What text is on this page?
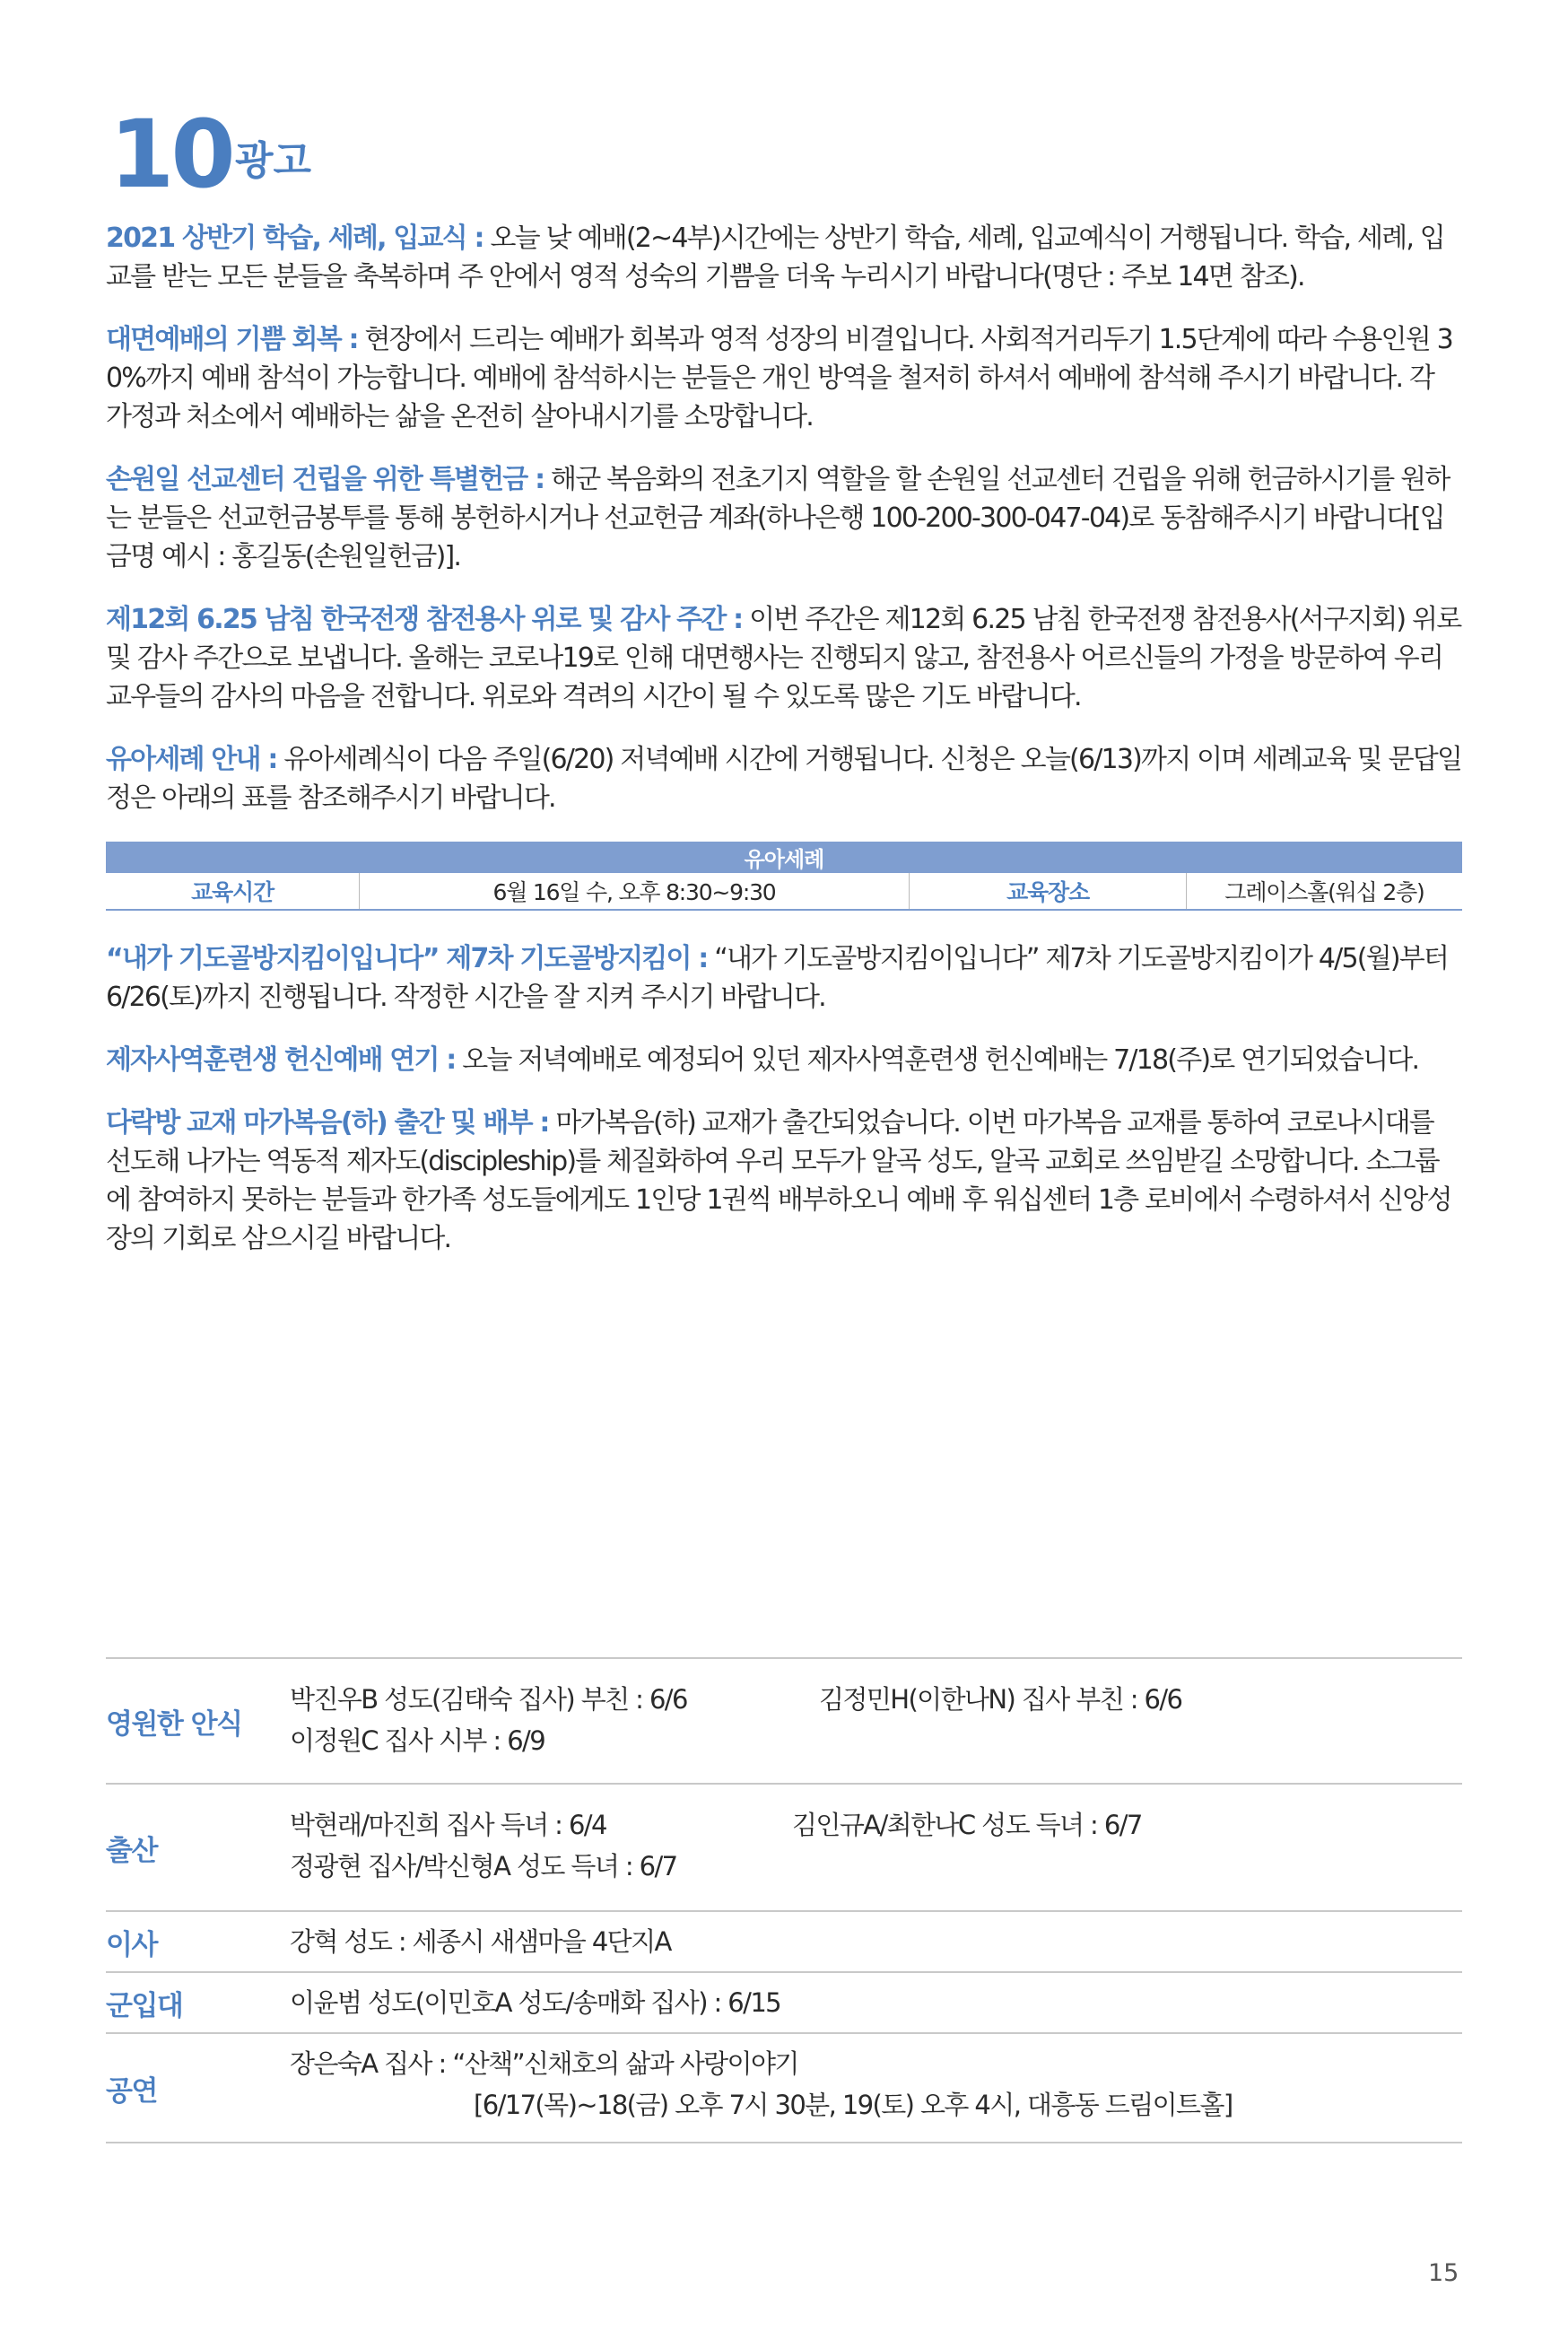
10 광고

2021 상반기 학습, 세례, 입교식 : 오늘 낮 예배(2~4부)시간에는 상반기 학습, 세례, 입교예식이 거행됩니다. 학습, 세례, 입교를 받는 모든 분들을 축복하며 주 안에서 영적 성숙의 기쁨을 더욱 누리시기 바랍니다(명단 : 주보 14면 참조).

대면예배의 기쁨 회복 : 현장에서 드리는 예배가 회복과 영적 성장의 비결입니다. 사회적거리두기 1.5단계에 따라 수용인원 30%까지 예배 참석이 가능합니다. 예배에 참석하시는 분들은 개인 방역을 철저히 하셔서 예배에 참석해 주시기 바랍니다. 각 가정과 처소에서 예배하는 삶을 온전히 살아내시기를 소망합니다.

손원일 선교센터 건립을 위한 특별헌금 : 해군 복음화의 전초기지 역할을 할 손원일 선교센터 건립을 위해 헌금하시기를 원하는 분들은 선교헌금봉투를 통해 봉헌하시거나 선교헌금 계좌(하나은행 100-200-300-047-04)로 동참해주시기 바랍니다[입금명 예시 : 홍길동(손원일헌금)].

제12회 6.25 남침 한국전쟁 참전용사 위로 및 감사 주간 : 이번 주간은 제12회 6.25 남침 한국전쟁 참전용사(서구지회) 위로 및 감사 주간으로 보냅니다. 올해는 코로나19로 인해 대면행사는 진행되지 않고, 참전용사 어르신들의 가정을 방문하여 우리 교우들의 감사의 마음을 전합니다. 위로와 격려의 시간이 될 수 있도록 많은 기도 바랍니다.

유아세례 안내 : 유아세례식이 다음 주일(6/20) 저녁예배 시간에 거행됩니다. 신청은 오늘(6/13)까지 이며 세례교육 및 문답일정은 아래의 표를 참조해주시기 바랍니다.

유아세례
교육시간	6월 16일 수, 오후 8:30~9:30	교육장소	그레이스홀(워십 2층)

“내가 기도골방지킴이입니다” 제7차 기도골방지킴이 : “내가 기도골방지킴이입니다” 제7차 기도골방지킴이가 4/5(월)부터 6/26(토)까지 진행됩니다. 작정한 시간을 잘 지켜 주시기 바랍니다.

제자사역훈련생 헌신예배 연기 : 오늘 저녁예배로 예정되어 있던 제자사역훈련생 헌신예배는 7/18(주)로 연기되었습니다.

다락방 교재 마가복음(하) 출간 및 배부 : 마가복음(하) 교재가 출간되었습니다. 이번 마가복음 교재를 통하여 코로나시대를 선도해 나가는 역동적 제자도(discipleship)를 체질화하여 우리 모두가 알곡 성도, 알곡 교회로 쓰임받길 소망합니다. 소그룹에 참여하지 못하는 분들과 한가족 성도들에게도 1인당 1권씩 배부하오니 예배 후 워십센터 1층 로비에서 수령하셔서 신앙성장의 기회로 삼으시길 바랍니다.

영원한 안식
박진우B 성도(김태숙 집사) 부친 : 6/6	김정민H(이한나N) 집사 부친 : 6/6
이정원C 집사 시부 : 6/9
출산
박현래/마진희 집사 득녀 : 6/4	김인규A/최한나C 성도 득녀 : 6/7
정광현 집사/박신형A 성도 득녀 : 6/7
이사	강혁 성도 : 세종시 새샘마을 4단지A
군입대	이윤범 성도(이민호A 성도/송매화 집사) : 6/15
공연
장은숙A 집사 : “산책”신채호의 삶과 사랑이야기
[6/17(목)~18(금) 오후 7시 30분, 19(토) 오후 4시, 대흥동 드림이트홀]
15
